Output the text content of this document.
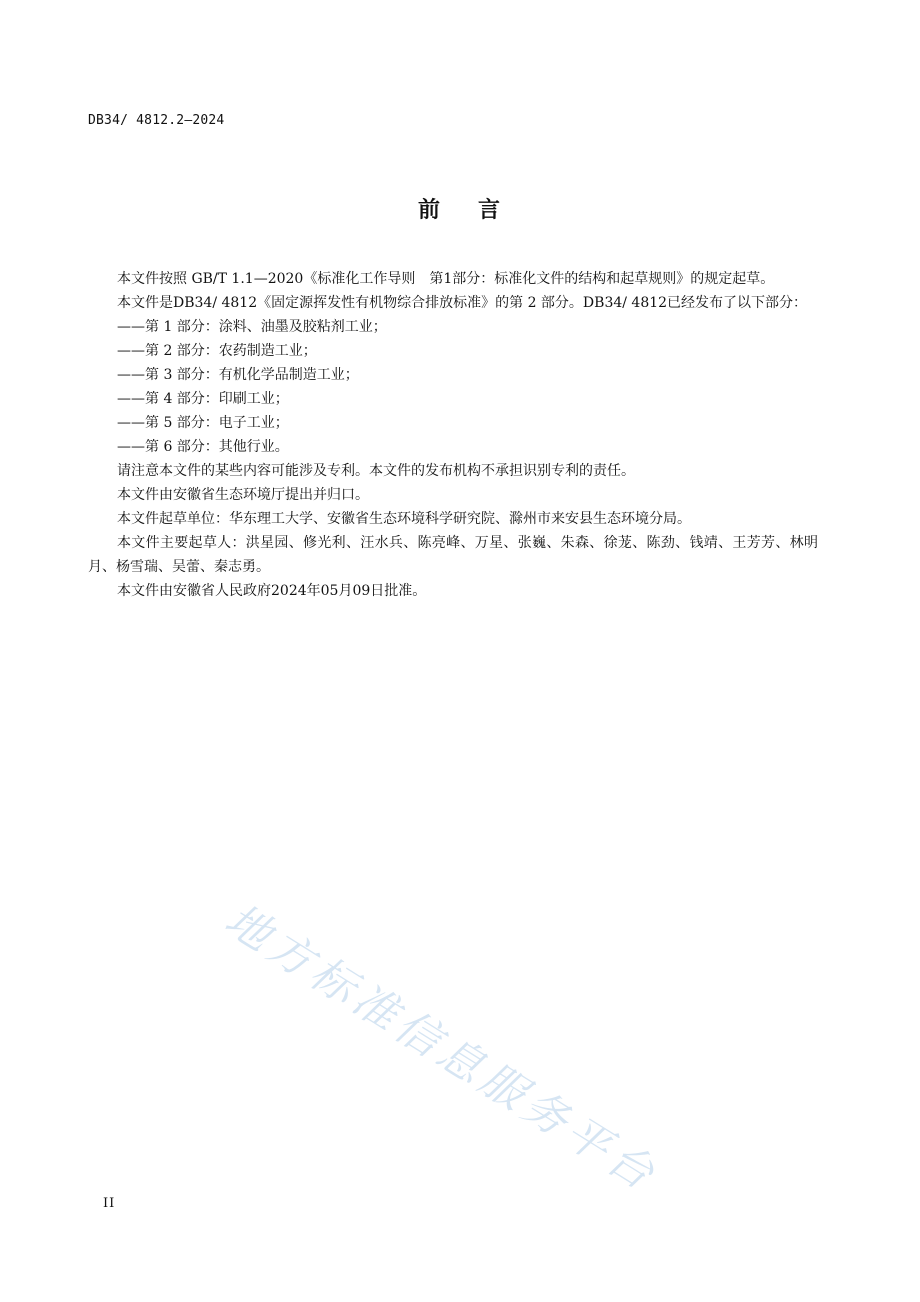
DB34/ 4812.2—2024
前 言

本文件按照 GB/T 1.1—2020《标准化工作导则　第1部分：标准化文件的结构和起草规则》的规定起草。

本文件是DB34/ 4812《固定源挥发性有机物综合排放标准》的第 2 部分。DB34/ 4812已经发布了以下部分：

——第 1 部分：涂料、油墨及胶粘剂工业；

——第 2 部分：农药制造工业；

——第 3 部分：有机化学品制造工业；

——第 4 部分：印刷工业；

——第 5 部分：电子工业；

——第 6 部分：其他行业。

请注意本文件的某些内容可能涉及专利。本文件的发布机构不承担识别专利的责任。

本文件由安徽省生态环境厅提出并归口。

本文件起草单位：华东理工大学、安徽省生态环境科学研究院、滁州市来安县生态环境分局。

本文件主要起草人：洪星园、修光利、汪水兵、陈亮峰、万星、张巍、朱森、徐茏、陈劲、钱靖、王芳芳、林明月、杨雪瑞、吴蕾、秦志勇。

本文件由安徽省人民政府2024年05月09日批准。

地方标准信息服务平台
II
